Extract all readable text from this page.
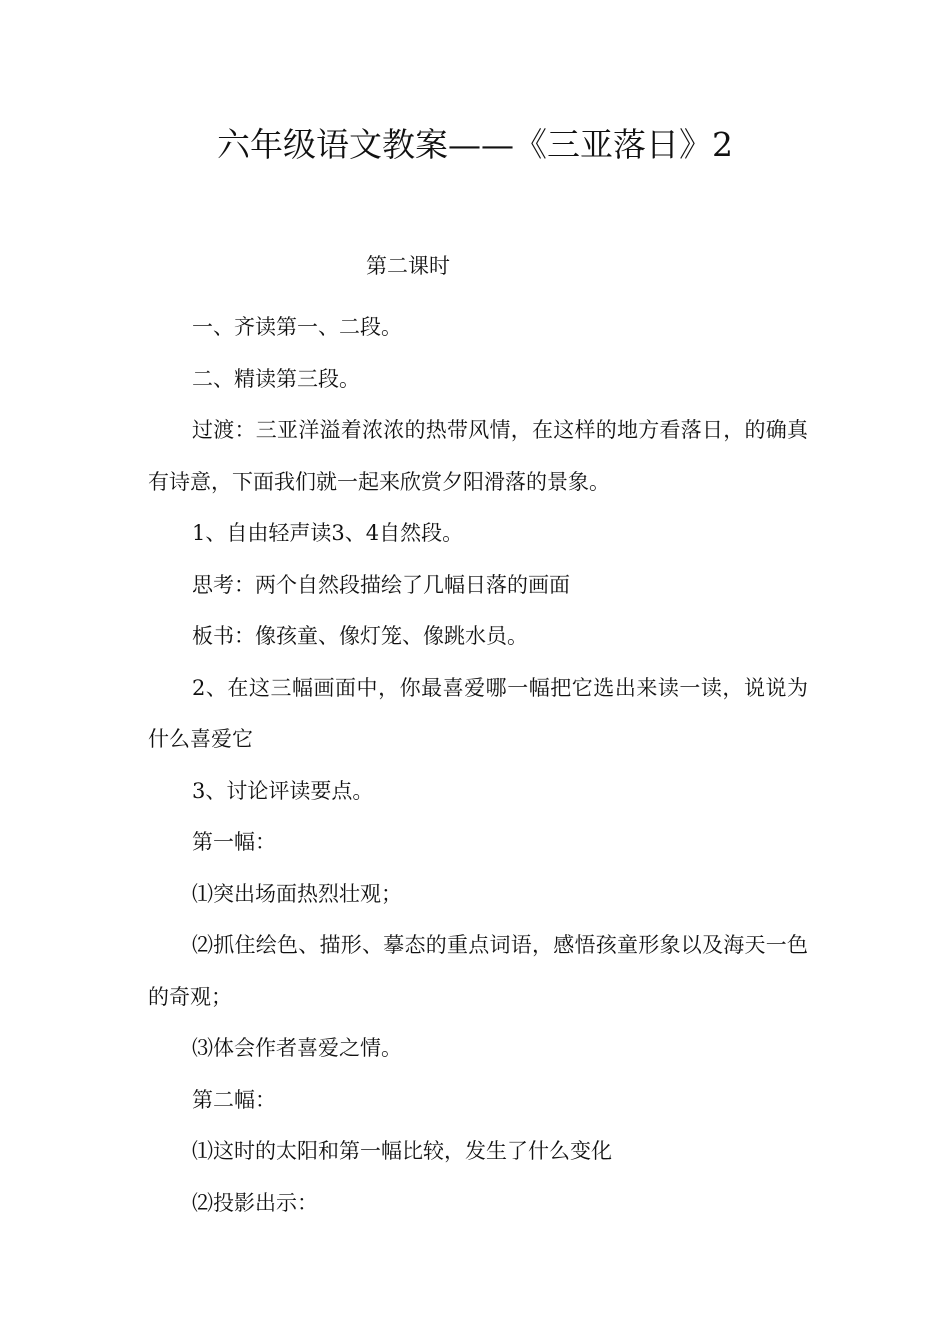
六年级语文教案——《三亚落日》2
第二课时

一、齐读第一、二段。

二、精读第三段。

过渡：三亚洋溢着浓浓的热带风情，在这样的地方看落日，的确真有诗意，下面我们就一起来欣赏夕阳滑落的景象。

1、自由轻声读3、4自然段。

思考：两个自然段描绘了几幅日落的画面

板书：像孩童、像灯笼、像跳水员。

2、在这三幅画面中，你最喜爱哪一幅把它选出来读一读，说说为什么喜爱它

3、讨论评读要点。

第一幅：

⑴突出场面热烈壮观；

⑵抓住绘色、描形、摹态的重点词语，感悟孩童形象以及海天一色的奇观；

⑶体会作者喜爱之情。

第二幅：

⑴这时的太阳和第一幅比较，发生了什么变化

⑵投影出示：
